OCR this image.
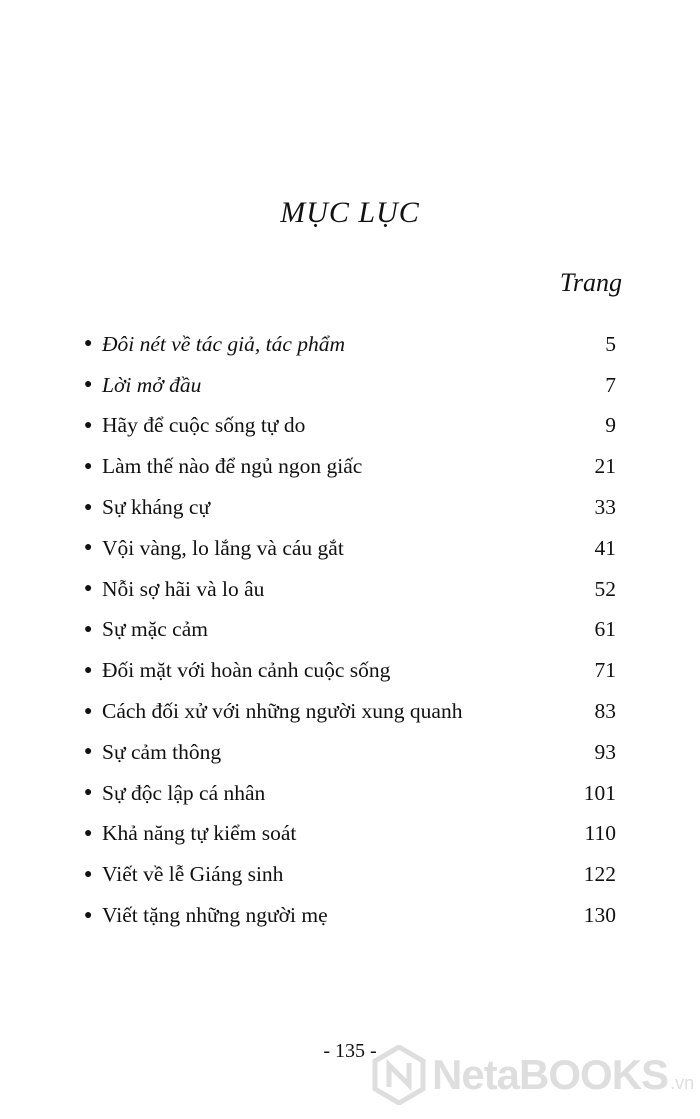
MỤC LỤC
Trang
● Đôi nét về tác giả, tác phẩm	5
● Lời mở đầu	7
● Hãy để cuộc sống tự do	9
● Làm thế nào để ngủ ngon giấc	21
● Sự kháng cự	33
● Vội vàng, lo lắng và cáu gắt	41
● Nỗi sợ hãi và lo âu	52
● Sự mặc cảm	61
● Đối mặt với hoàn cảnh cuộc sống	71
● Cách đối xử với những người xung quanh	83
● Sự cảm thông	93
● Sự độc lập cá nhân	101
● Khả năng tự kiểm soát	110
● Viết về lễ Giáng sinh	122
● Viết tặng những người mẹ	130
- 135 -	NetaBOOKS .vn
